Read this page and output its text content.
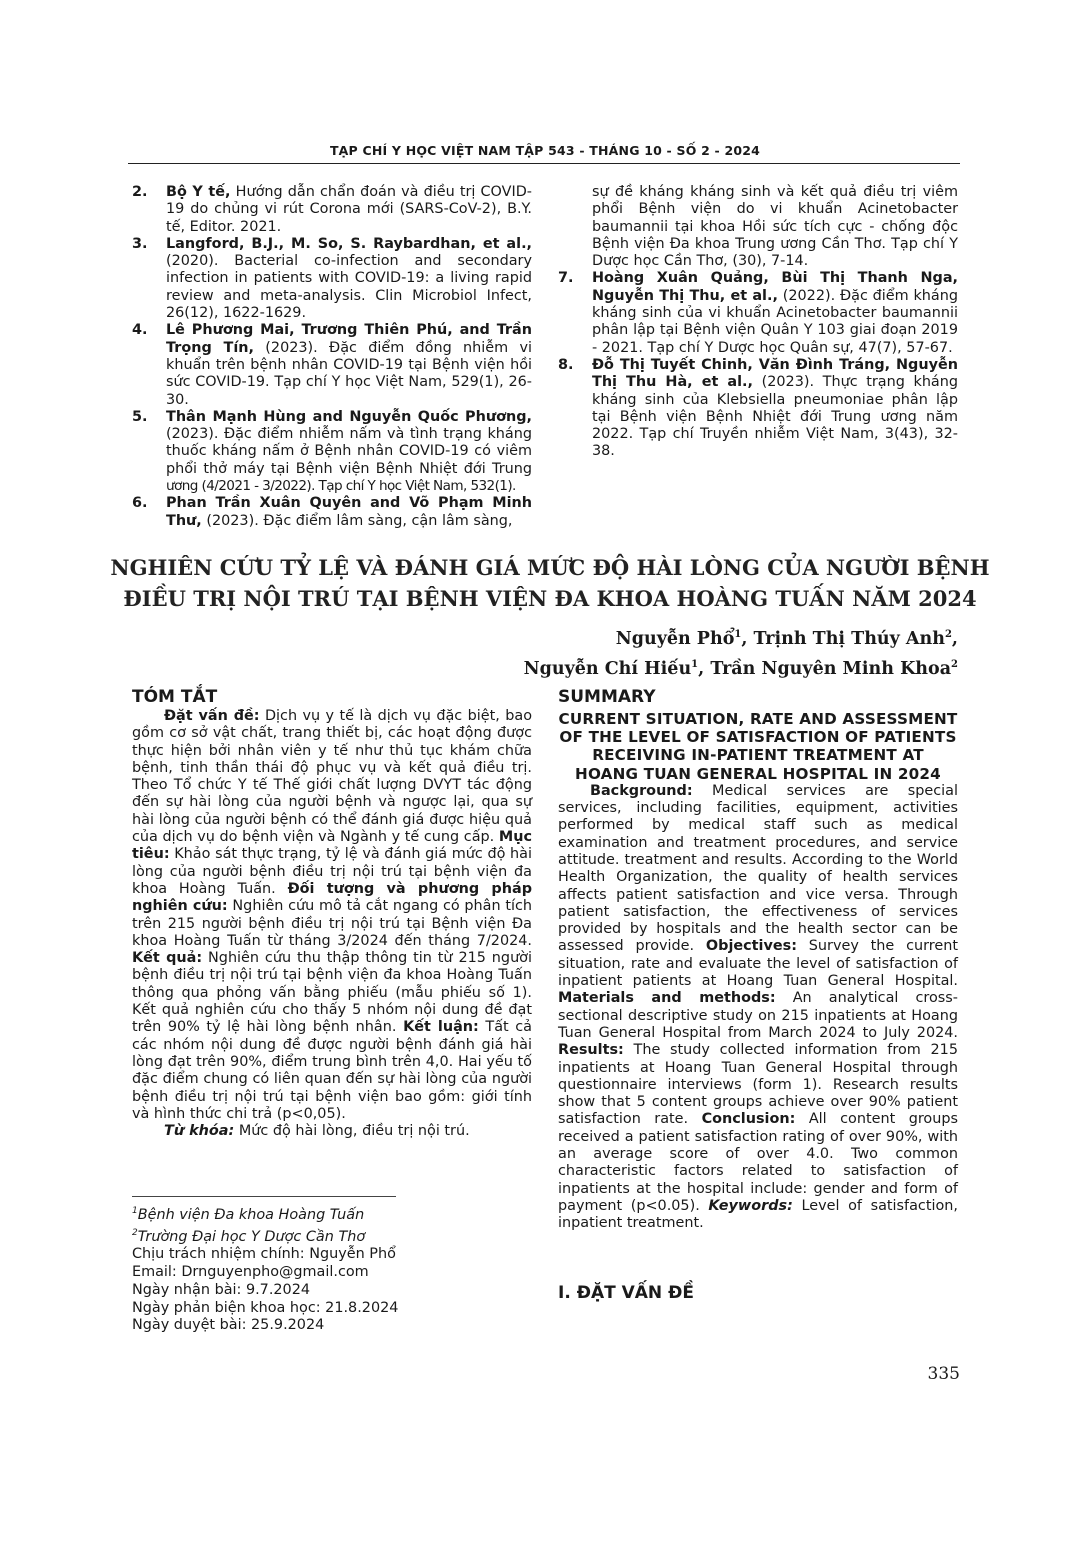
TẠP CHÍ Y HỌC VIỆT NAM TẬP 543 - THÁNG 10 - SỐ 2 - 2024
2. Bộ Y tế, Hướng dẫn chẩn đoán và điều trị COVID-19 do chủng vi rút Corona mới (SARS-CoV-2), B.Y. tế, Editor. 2021.
3. Langford, B.J., M. So, S. Raybardhan, et al., (2020). Bacterial co-infection and secondary infection in patients with COVID-19: a living rapid review and meta-analysis. Clin Microbiol Infect, 26(12), 1622-1629.
4. Lê Phương Mai, Trương Thiên Phú, and Trần Trọng Tín, (2023). Đặc điểm đồng nhiễm vi khuẩn trên bệnh nhân COVID-19 tại Bệnh viện hồi sức COVID-19. Tạp chí Y học Việt Nam, 529(1), 26-30.
5. Thân Mạnh Hùng and Nguyễn Quốc Phương, (2023). Đặc điểm nhiễm nấm và tình trạng kháng thuốc kháng nấm ở Bệnh nhân COVID-19 có viêm phổi thở máy tại Bệnh viện Bệnh Nhiệt đới Trung ương (4/2021 - 3/2022). Tạp chí Y học Việt Nam, 532(1).
6. Phan Trần Xuân Quyên and Võ Phạm Minh Thư, (2023). Đặc điểm lâm sàng, cận lâm sàng,
sự đề kháng kháng sinh và kết quả điều trị viêm phổi Bệnh viện do vi khuẩn Acinetobacter baumannii tại khoa Hồi sức tích cực - chống độc Bệnh viện Đa khoa Trung ương Cần Thơ. Tạp chí Y Dược học Cần Thơ, (30), 7-14.
7. Hoàng Xuân Quảng, Bùi Thị Thanh Nga, Nguyễn Thị Thu, et al., (2022). Đặc điểm kháng kháng sinh của vi khuẩn Acinetobacter baumannii phân lập tại Bệnh viện Quân Y 103 giai đoạn 2019 - 2021. Tạp chí Y Dược học Quân sự, 47(7), 57-67.
8. Đỗ Thị Tuyết Chinh, Văn Đình Tráng, Nguyễn Thị Thu Hà, et al., (2023). Thực trạng kháng kháng sinh của Klebsiella pneumoniae phân lập tại Bệnh viện Bệnh Nhiệt đới Trung ương năm 2022. Tạp chí Truyền nhiễm Việt Nam, 3(43), 32-38.
NGHIÊN CỨU TỶ LỆ VÀ ĐÁNH GIÁ MỨC ĐỘ HÀI LÒNG CỦA NGƯỜI BỆNH
ĐIỀU TRỊ NỘI TRÚ TẠI BỆNH VIỆN ĐA KHOA HOÀNG TUẤN NĂM 2024
Nguyễn Phổ$^1$, Trịnh Thị Thúy Anh$^2$,
Nguyễn Chí Hiếu$^1$, Trần Nguyên Minh Khoa$^2$
TÓM TẮT

Đặt vấn đề: Dịch vụ y tế là dịch vụ đặc biệt, bao gồm cơ sở vật chất, trang thiết bị, các hoạt động được thực hiện bởi nhân viên y tế như thủ tục khám chữa bệnh, tinh thần thái độ phục vụ và kết quả điều trị. Theo Tổ chức Y tế Thế giới chất lượng DVYT tác động đến sự hài lòng của người bệnh và ngược lại, qua sự hài lòng của người bệnh có thể đánh giá được hiệu quả của dịch vụ do bệnh viện và Ngành y tế cung cấp. Mục tiêu: Khảo sát thực trạng, tỷ lệ và đánh giá mức độ hài lòng của người bệnh điều trị nội trú tại bệnh viện đa khoa Hoàng Tuấn. Đối tượng và phương pháp nghiên cứu: Nghiên cứu mô tả cắt ngang có phân tích trên 215 người bệnh điều trị nội trú tại Bệnh viện Đa khoa Hoàng Tuấn từ tháng 3/2024 đến tháng 7/2024. Kết quả: Nghiên cứu thu thập thông tin từ 215 người bệnh điều trị nội trú tại bệnh viện đa khoa Hoàng Tuấn thông qua phỏng vấn bằng phiếu (mẫu phiếu số 1). Kết quả nghiên cứu cho thấy 5 nhóm nội dung đề đạt trên 90% tỷ lệ hài lòng bệnh nhân. Kết luận: Tất cả các nhóm nội dung đề được người bệnh đánh giá hài lòng đạt trên 90%, điểm trung bình trên 4,0. Hai yếu tố đặc điểm chung có liên quan đến sự hài lòng của người bệnh điều trị nội trú tại bệnh viện bao gồm: giới tính và hình thức chi trả (p<0,05).

Từ khóa: Mức độ hài lòng, điều trị nội trú.

SUMMARY
CURRENT SITUATION, RATE AND ASSESSMENT OF THE LEVEL OF SATISFACTION OF PATIENTS RECEIVING IN-PATIENT TREATMENT AT HOANG TUAN GENERAL HOSPITAL IN 2024

Background: Medical services are special services, including facilities, equipment, activities performed by medical staff such as medical examination and treatment procedures, and service attitude. treatment and results. According to the World Health Organization, the quality of health services affects patient satisfaction and vice versa. Through patient satisfaction, the effectiveness of services provided by hospitals and the health sector can be assessed provide. Objectives: Survey the current situation, rate and evaluate the level of satisfaction of inpatient patients at Hoang Tuan General Hospital. Materials and methods: An analytical cross-sectional descriptive study on 215 inpatients at Hoang Tuan General Hospital from March 2024 to July 2024. Results: The study collected information from 215 inpatients at Hoang Tuan General Hospital through questionnaire interviews (form 1). Research results show that 5 content groups achieve over 90% patient satisfaction rate. Conclusion: All content groups received a patient satisfaction rating of over 90%, with an average score of over 4.0. Two common characteristic factors related to satisfaction of inpatients at the hospital include: gender and form of payment (p<0.05). Keywords: Level of satisfaction, inpatient treatment.

$^1$Bệnh viện Đa khoa Hoàng Tuấn

$^2$Trường Đại học Y Dược Cần Thơ

Chịu trách nhiệm chính: Nguyễn Phổ

Email: Drnguyenpho@gmail.com

Ngày nhận bài: 9.7.2024

Ngày phản biện khoa học: 21.8.2024

Ngày duyệt bài: 25.9.2024

I. ĐẶT VẤN ĐỀ
335
